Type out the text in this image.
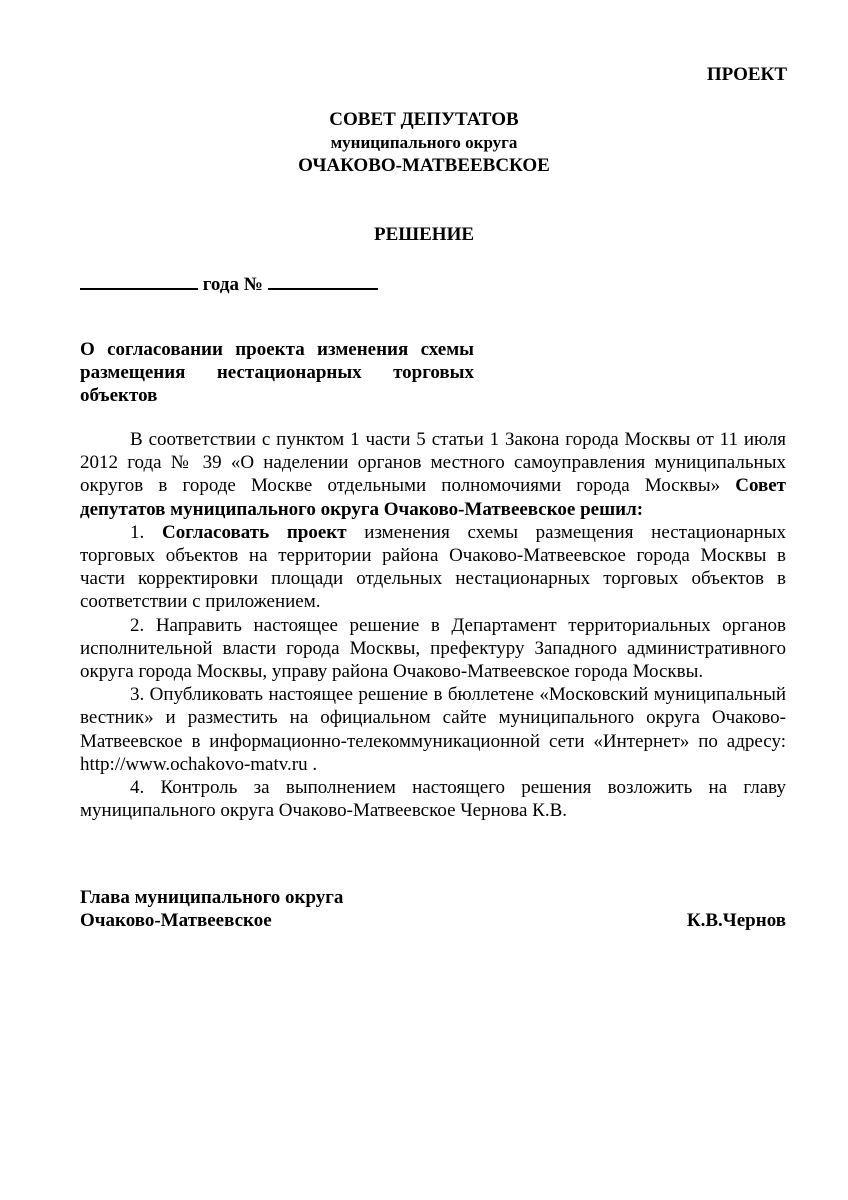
ПРОЕКТ
СОВЕТ ДЕПУТАТОВ
муниципального округа
ОЧАКОВО-МАТВЕЕВСКОЕ
РЕШЕНИЕ
года №
О согласовании проекта изменения схемы
размещения нестационарных торговых
объектов

В соответствии с пунктом 1 части 5 статьи 1 Закона города Москвы от 11 июля 2012 года № 39 «О наделении органов местного самоуправления муниципальных округов в городе Москве отдельными полномочиями города Москвы» Совет депутатов муниципального округа Очаково-Матвеевское решил:

1. Согласовать проект изменения схемы размещения нестационарных торговых объектов на территории района Очаково-Матвеевское города Москвы в части корректировки площади отдельных нестационарных торговых объектов в соответствии с приложением.

2. Направить настоящее решение в Департамент территориальных органов исполнительной власти города Москвы, префектуру Западного административного округа города Москвы, управу района Очаково-Матвеевское города Москвы.

3. Опубликовать настоящее решение в бюллетене «Московский муниципальный вестник» и разместить на официальном сайте муниципального округа Очаково-Матвеевское в информационно-телекоммуникационной сети «Интернет» по адресу: http://www.ochakovo-matv.ru .

4. Контроль за выполнением настоящего решения возложить на главу муниципального округа Очаково-Матвеевское Чернова К.В.

Глава муниципального округа
Очаково-Матвеевское	К.В.Чернов
